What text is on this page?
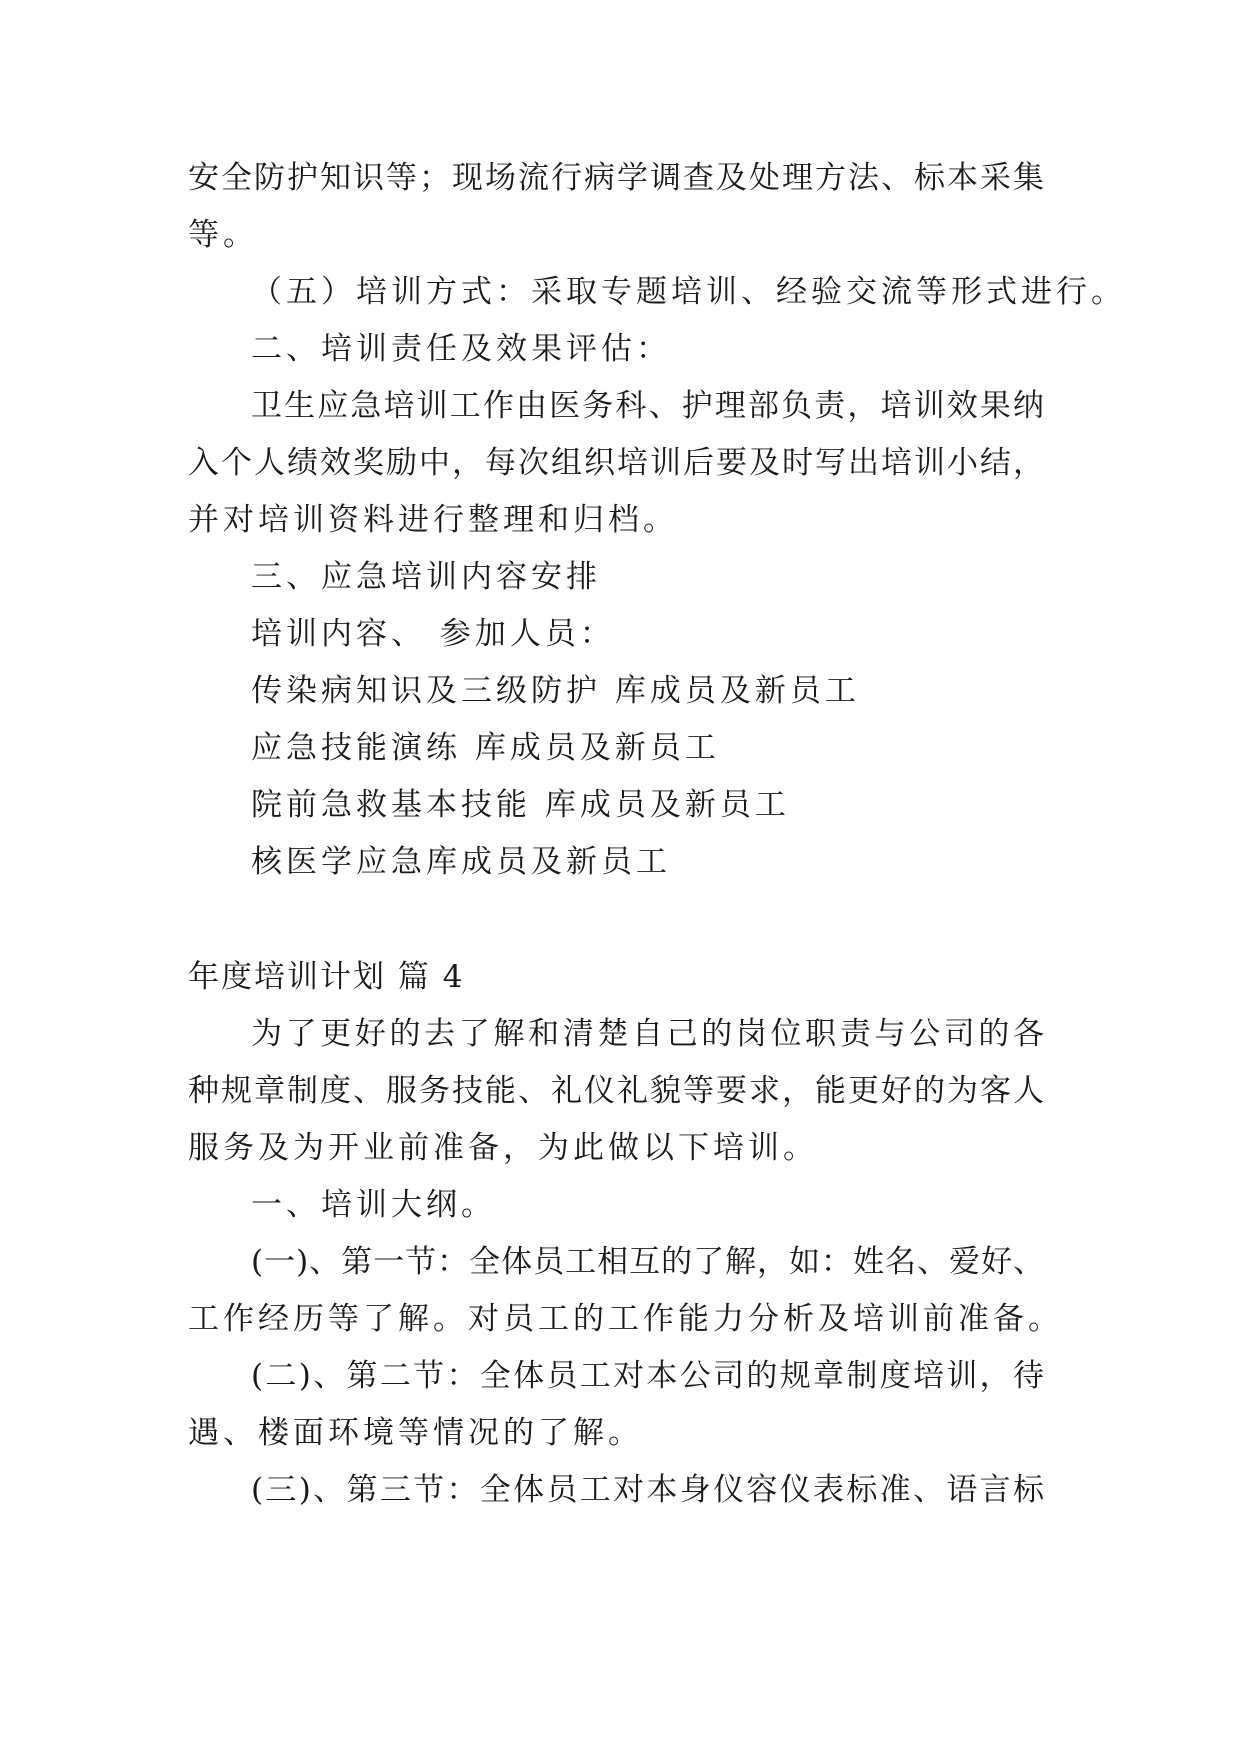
安全防护知识等；现场流行病学调查及处理方法、标本采集
等。
（五）培训方式：采取专题培训、经验交流等形式进行。
二、培训责任及效果评估：
卫生应急培训工作由医务科、护理部负责，培训效果纳
入个人绩效奖励中，每次组织培训后要及时写出培训小结，
并对培训资料进行整理和归档。
三、应急培训内容安排
培训内容、 参加人员：
传染病知识及三级防护 库成员及新员工
应急技能演练 库成员及新员工
院前急救基本技能 库成员及新员工
核医学应急库成员及新员工
年度培训计划 篇 4
为了更好的去了解和清楚自己的岗位职责与公司的各
种规章制度、服务技能、礼仪礼貌等要求，能更好的为客人
服务及为开业前准备，为此做以下培训。
一、培训大纲。
(一)、第一节：全体员工相互的了解，如：姓名、爱好、
工作经历等了解。对员工的工作能力分析及培训前准备。
(二)、第二节：全体员工对本公司的规章制度培训，待
遇、楼面环境等情况的了解。
(三)、第三节：全体员工对本身仪容仪表标准、语言标
